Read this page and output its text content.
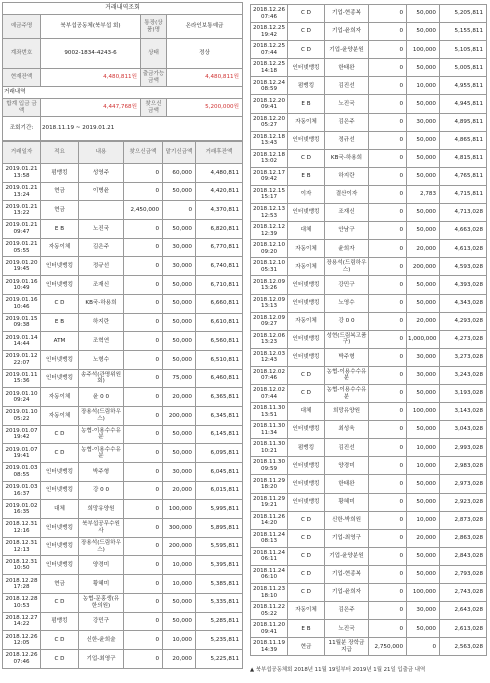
거래내역조회			
예금주명	북부섭공동체(북부섭 회)	통장(상품)명	온라인보통예금
계좌번호	9002-1834-4243-6	상태	정상
현재잔액	4,480,811원	출금가능금액	4,480,811원
거래내역			
합계 입금 금액	4,447,768원	찾으신 금액	5,200,000원
조회기간:	2018.11.19 ~ 2019.01.21		
거래일자	적요	내용	찾으신금액	맡기신금액	거래후잔액
2019.01.21 13:58	펌뱅킹	성영주	0	60,000	4,480,811
2019.01.21 13:24	현금	이병윤	0	50,000	4,420,811
2019.01.21 13:22	현금		2,450,000	0	4,370,811
2019.01.21 09:47	E B	노진국	0	50,000	6,820,811
2019.01.21 05:55	자동이체	김은주	0	30,000	6,770,811
2019.01.20 19:45	인터넷뱅킹	정규선	0	30,000	6,740,811
2019.01.16 10:49	인터넷뱅킹	조재신	0	50,000	6,710,811
2019.01.16 10:46	C D	KB국-하용희	0	50,000	6,660,811
2019.01.15 09:38	E B	하지란	0	50,000	6,610,811
2019.01.14 14:44	ATM	조혁연	0	50,000	6,560,811
2019.01.12 22:07	인터넷뱅킹	노형수	0	50,000	6,510,811
2019.01.11 15:36	인터넷뱅킹	송주석(관명위원회)	0	75,000	6,460,811
2019.01.10 09:24	자동이체	윤 0 0	0	20,000	6,365,811
2019.01.10 05:22	자동이체	장용석(드림하우스)	0	200,000	6,345,811
2019.01.07 19:42	C D	농협-이용수수유분	0	50,000	6,145,811
2019.01.07 19:41	C D	농협-이용수수유분	0	50,000	6,095,811
2019.01.03 08:55	인터넷뱅킹	박주형	0	30,000	6,045,811
2019.01.03 16:37	인터넷뱅킹	강 0 0	0	20,000	6,015,811
2019.01.02 16:35	대체	희망유양원	0	100,000	5,995,811
2018.12.31 12:16	인터넷뱅킹	북부섭공무수원사	0	300,000	5,895,811
2018.12.31 12:13	인터넷뱅킹	장용석(드림하우스)	0	200,000	5,595,811
2018.12.31 10:50	인터넷뱅킹	양경미	0	10,000	5,395,811
2018.12.28 17:28	현금	황혜미	0	10,000	5,385,811
2018.12.28 10:53	C D	농협-문홍생(유한의원)	0	50,000	5,335,811
2018.12.27 14:22	펌뱅킹	강민구	0	50,000	5,285,811
2018.12.26 12:05	C D	신한-윤희술	0	10,000	5,235,811
2018.12.26 07:46	C D	기업-최영구	0	20,000	5,225,811
2018.12.26 07:46	C D	기업-현종복	0	50,000	5,205,811
2018.12.25 19:42	C D	기업-윤희자	0	50,000	5,155,811
2018.12.25 07:44	C D	기업-윤양분원	0	100,000	5,105,811
2018.12.25 14:18	인터넷뱅킹	한태완	0	50,000	5,005,811
2018.12.24 08:59	펌뱅킹	김진선	0	10,000	4,955,811
2018.12.20 09:41	E B	노진국	0	50,000	4,945,811
2018.12.20 05:27	자동이체	김은주	0	30,000	4,895,811
2018.12.18 13:43	인터넷뱅킹	정규선	0	50,000	4,865,811
2018.12.18 13:02	C D	KB국-하용희	0	50,000	4,815,811
2018.12.17 09:42	E B	하지란	0	50,000	4,765,811
2018.12.15 15:17	이자	결산이자	0	2,783	4,715,811
2018.12.13 12:53	인터넷뱅킹	조재신	0	50,000	4,713,028
2018.12.12 12:39	대체	안남구	0	50,000	4,663,028
2018.12.10 09:20	자동이체	윤희자	0	20,000	4,613,028
2018.12.10 05:31	자동이체	장용석(드림하우스)	0	200,000	4,593,028
2018.12.09 13:26	인터넷뱅킹	강민구	0	50,000	4,393,028
2018.12.09 13:13	인터넷뱅킹	노영수	0	50,000	4,343,028
2018.12.09 09:27	자동이체	강 0 0	0	20,000	4,293,028
2018.12.06 13:23	인터넷뱅킹	성현(드림복고품구)	0	1,000,000	4,273,028
2018.12.03 12:43	인터넷뱅킹	박주형	0	30,000	3,273,028
2018.12.02 07:46	C D	농협-이용수수유분	0	30,000	3,243,028
2018.12.02 07:44	C D	농협-이용수수유분	0	50,000	3,193,028
2018.11.30 13:51	대체	희망유양원	0	100,000	3,143,028
2018.11.30 11:34	인터넷뱅킹	최성욱	0	50,000	3,043,028
2018.11.30 10:21	펌뱅킹	김진선	0	10,000	2,993,028
2018.11.30 09:59	인터넷뱅킹	양경미	0	10,000	2,983,028
2018.11.29 18:20	인터넷뱅킹	한태완	0	50,000	2,973,028
2018.11.29 19:21	인터넷뱅킹	황혜미	0	50,000	2,923,028
2018.11.26 14:20	C D	신한-박희원	0	10,000	2,873,028
2018.11.24 08:13	C D	기업-최영구	0	20,000	2,863,028
2018.11.24 06:11	C D	기업-윤양분원	0	50,000	2,843,028
2018.11.24 06:10	C D	기업-현종복	0	50,000	2,793,028
2018.11.23 18:10	C D	기업-윤희자	0	100,000	2,743,028
2018.11.22 05:22	자동이체	김은주	0	30,000	2,643,028
2018.11.20 09:41	E B	노진국	0	50,000	2,613,028
2018.11.19 14:39	현금	11월분 장학금지급	2,750,000	0	2,563,028
▲ 북부섭공동체회 2018년 11월 19일부터 2019년 1월 21일 입출금 내역
